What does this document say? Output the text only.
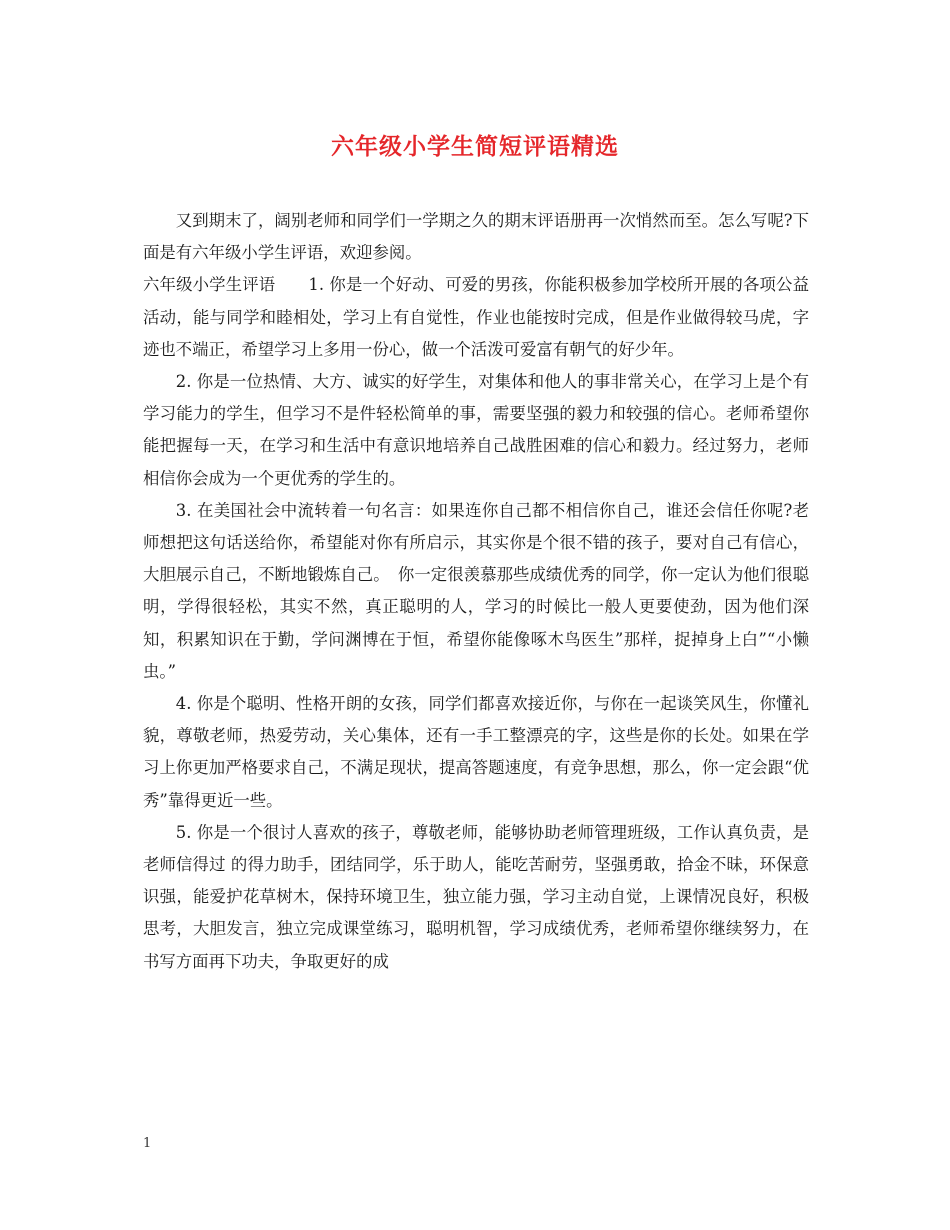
六年级小学生简短评语精选

又到期末了，阔别老师和同学们一学期之久的期末评语册再一次悄然而至。怎么写呢?下面是有六年级小学生评语，欢迎参阅。

六年级小学生评语　　1. 你是一个好动、可爱的男孩，你能积极参加学校所开展的各项公益活动，能与同学和睦相处，学习上有自觉性，作业也能按时完成，但是作业做得较马虎，字迹也不端正，希望学习上多用一份心，做一个活泼可爱富有朝气的好少年。

2. 你是一位热情、大方、诚实的好学生，对集体和他人的事非常关心，在学习上是个有学习能力的学生，但学习不是件轻松简单的事，需要坚强的毅力和较强的信心。老师希望你能把握每一天，在学习和生活中有意识地培养自己战胜困难的信心和毅力。经过努力，老师相信你会成为一个更优秀的学生的。

3. 在美国社会中流转着一句名言：如果连你自己都不相信你自己，谁还会信任你呢?老师想把这句话送给你，希望能对你有所启示，其实你是个很不错的孩子，要对自己有信心，大胆展示自己，不断地锻炼自己。　你一定很羡慕那些成绩优秀的同学，你一定认为他们很聪明，学得很轻松，其实不然，真正聪明的人，学习的时候比一般人更要使劲，因为他们深知，积累知识在于勤，学问渊博在于恒，希望你能像啄木鸟医生”那样，捉掉身上白”“小懒虫。”

4. 你是个聪明、性格开朗的女孩，同学们都喜欢接近你，与你在一起谈笑风生，你懂礼貌，尊敬老师，热爱劳动，关心集体，还有一手工整漂亮的字，这些是你的长处。如果在学习上你更加严格要求自己，不满足现状，提高答题速度，有竞争思想，那么，你一定会跟“优秀”靠得更近一些。

5. 你是一个很讨人喜欢的孩子，尊敬老师，能够协助老师管理班级，工作认真负责，是老师信得过 的得力助手，团结同学，乐于助人，能吃苦耐劳，坚强勇敢，拾金不昧，环保意识强，能爱护花草树木，保持环境卫生，独立能力强，学习主动自觉，上课情况良好，积极思考，大胆发言，独立完成课堂练习，聪明机智，学习成绩优秀，老师希望你继续努力，在书写方面再下功夫，争取更好的成

1
